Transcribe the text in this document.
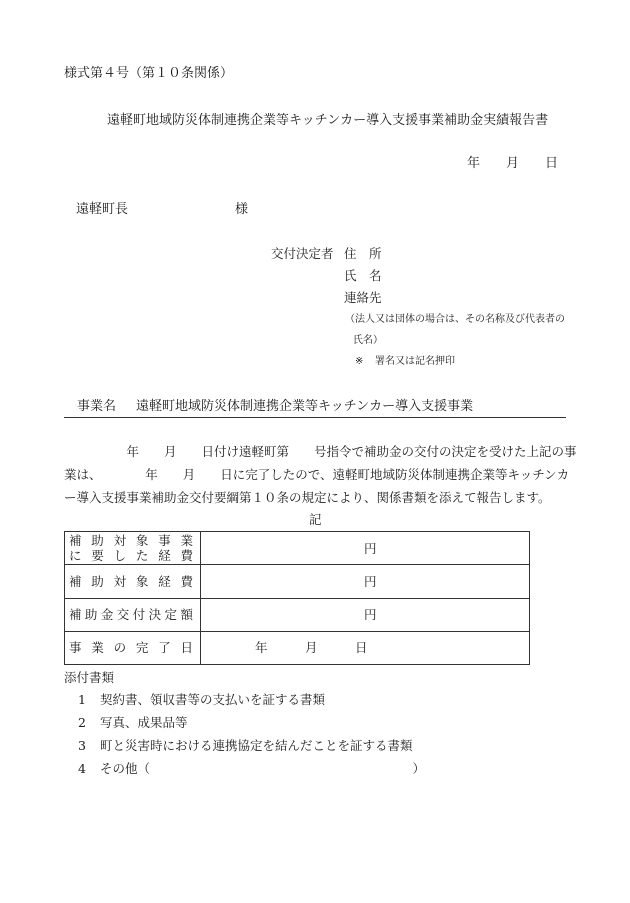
様式第４号（第１０条関係）
遠軽町地域防災体制連携企業等キッチンカー導入支援事業補助金実績報告書
年　　月　　日
遠軽町長	様
交付決定者 住　所
氏　名
連絡先
（法人又は団体の場合は、その名称及び代表者の
氏名）
※ 署名又は記名押印
事業名 遠軽町地域防災体制連携企業等キッチンカー導入支援事業
　　　　　年　　月　　日付け遠軽町第　　号指令で補助金の交付の決定を受けた上記の事
業は、　　　　年　　月　　日に完了したので、遠軽町地域防災体制連携企業等キッチンカ
ー導入支援事業補助金交付要綱第１０条の規定により、関係書類を添えて報告します。
記
補助対象事業
に要した経費	円
補助対象経費	円
補助金交付決定額	円
事業の完了日	年　　　月　　　日
添付書類
1 契約書、領収書等の支払いを証する書類
2 写真、成果品等
3 町と災害時における連携協定を結んだことを証する書類
4 その他（　　　　　　　　　　　　　　　　　　　　　）
